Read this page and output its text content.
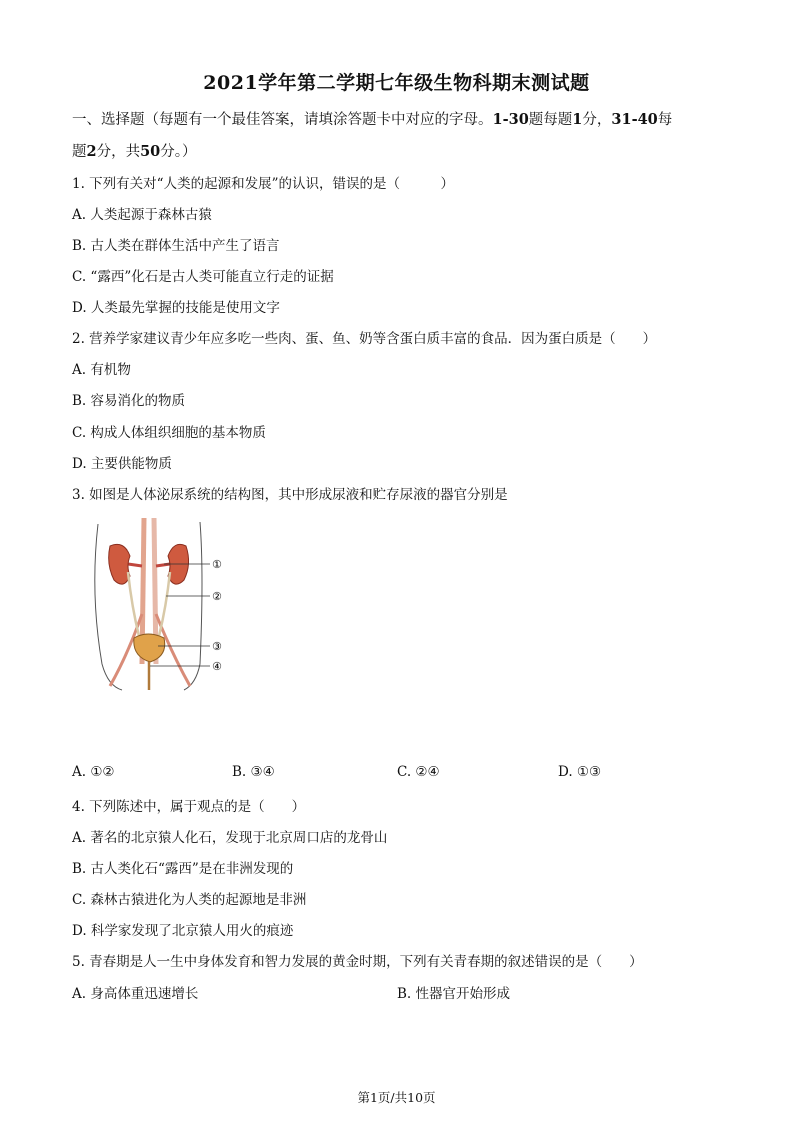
2021学年第二学期七年级生物科期末测试题
一、选择题（每题有一个最佳答案，请填涂答题卡中对应的字母。1-30题每题1分，31-40每
题2分，共50分。）
1. 下列有关对“人类的起源和发展”的认识，错误的是（　　　）
A. 人类起源于森林古猿
B. 古人类在群体生活中产生了语言
C. “露西”化石是古人类可能直立行走的证据
D. 人类最先掌握的技能是使用文字
2. 营养学家建议青少年应多吃一些肉、蛋、鱼、奶等含蛋白质丰富的食品．因为蛋白质是（　　）
A. 有机物
B. 容易消化的物质
C. 构成人体组织细胞的基本物质
D. 主要供能物质
3. 如图是人体泌尿系统的结构图，其中形成尿液和贮存尿液的器官分别是
①
②
③
④
A. ①②	B. ③④	C. ②④	D. ①③
4. 下列陈述中，属于观点的是（　　）
A. 著名的北京猿人化石，发现于北京周口店的龙骨山
B. 古人类化石“露西”是在非洲发现的
C. 森林古猿进化为人类的起源地是非洲
D. 科学家发现了北京猿人用火的痕迹
5. 青春期是人一生中身体发育和智力发展的黄金时期，下列有关青春期的叙述错误的是（　　）
A. 身高体重迅速增长	B. 性器官开始形成
第1页/共10页
